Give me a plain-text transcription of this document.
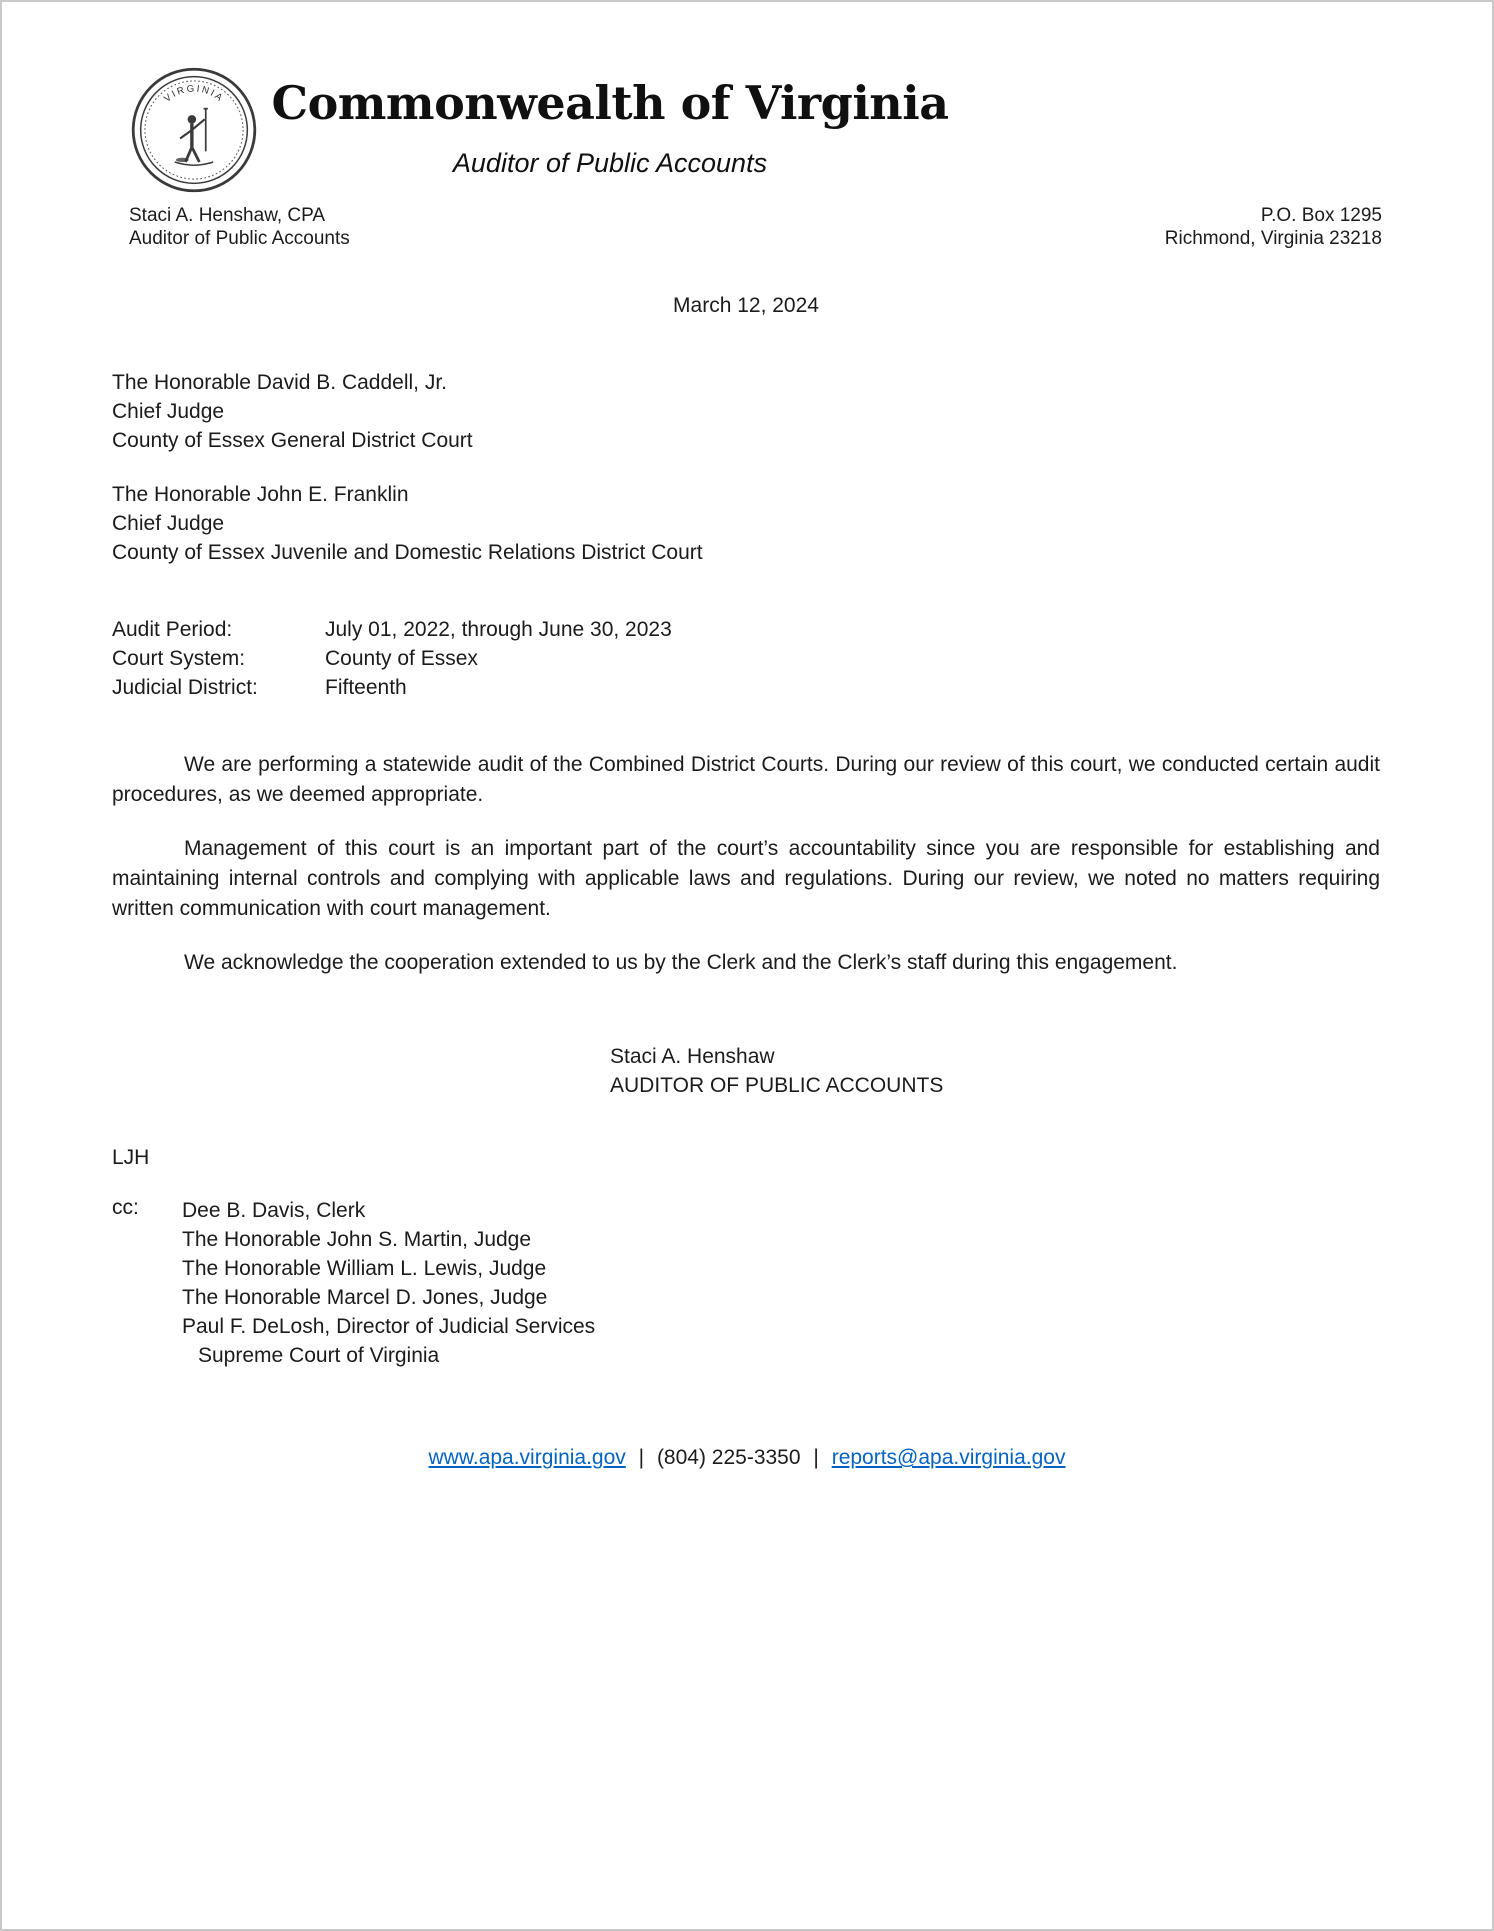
VIRGINIA Commonwealth of Virginia
Auditor of Public Accounts
Staci A. Henshaw, CPA
Auditor of Public Accounts
P.O. Box 1295
Richmond, Virginia 23218
March 12, 2024
The Honorable David B. Caddell, Jr.
Chief Judge
County of Essex General District Court
The Honorable John E. Franklin
Chief Judge
County of Essex Juvenile and Domestic Relations District Court
Audit Period:	July 01, 2022, through June 30, 2023
Court System:	County of Essex
Judicial District:	Fifteenth

We are performing a statewide audit of the Combined District Courts. During our review of this court, we conducted certain audit procedures, as we deemed appropriate.

Management of this court is an important part of the court’s accountability since you are responsible for establishing and maintaining internal controls and complying with applicable laws and regulations. During our review, we noted no matters requiring written communication with court management.

We acknowledge the cooperation extended to us by the Clerk and the Clerk’s staff during this engagement.

Staci A. Henshaw
AUDITOR OF PUBLIC ACCOUNTS
LJH
cc:	Dee B. Davis, Clerk
The Honorable John S. Martin, Judge
The Honorable William L. Lewis, Judge
The Honorable Marcel D. Jones, Judge
Paul F. DeLosh, Director of Judicial Services
Supreme Court of Virginia
www.apa.virginia.gov | (804) 225-3350 | reports@apa.virginia.gov
